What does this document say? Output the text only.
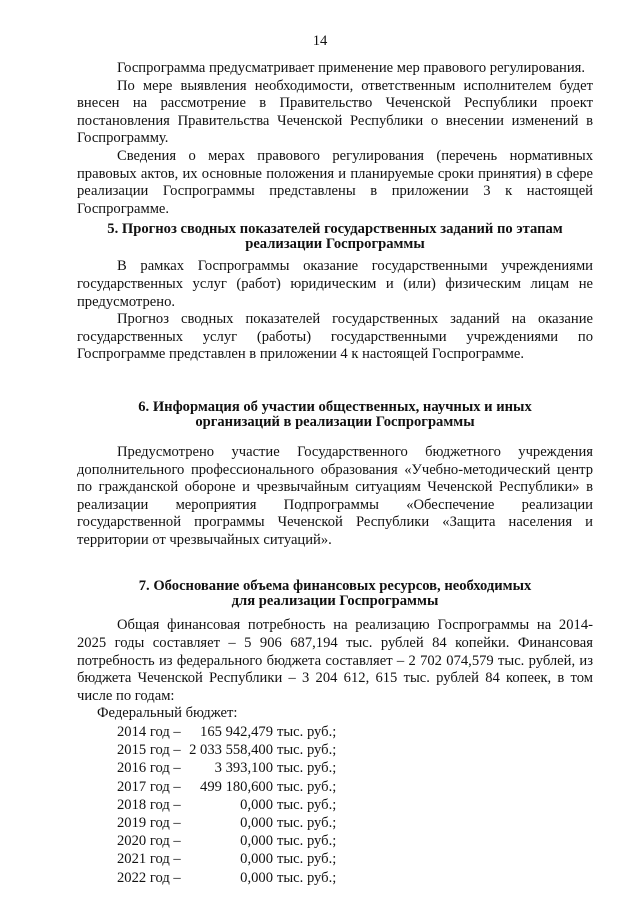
14

Госпрограмма предусматривает применение мер правового регулирования.

По мере выявления необходимости, ответственным исполнителем будет внесен на рассмотрение в Правительство Чеченской Республики проект постановления Правительства Чеченской Республики о внесении изменений в Госпрограмму.

Сведения о мерах правового регулирования (перечень нормативных правовых актов, их основные положения и планируемые сроки принятия) в сфере реализации Госпрограммы представлены в приложении 3 к настоящей Госпрограмме.

5. Прогноз сводных показателей государственных заданий по этапам

реализации Госпрограммы

В рамках Госпрограммы оказание государственными учреждениями государственных услуг (работ) юридическим и (или) физическим лицам не предусмотрено.

Прогноз сводных показателей государственных заданий на оказание государственных услуг (работы) государственными учреждениями по Госпрограмме представлен в приложении 4 к настоящей Госпрограмме.

6. Информация об участии общественных, научных и иных

организаций в реализации Госпрограммы

Предусмотрено участие Государственного бюджетного учреждения дополнительного профессионального образования «Учебно-методический центр по гражданской обороне и чрезвычайным ситуациям Чеченской Республики» в реализации мероприятия Подпрограммы «Обеспечение реализации государственной программы Чеченской Республики «Защита населения и территории от чрезвычайных ситуаций».

7. Обоснование объема финансовых ресурсов, необходимых

для реализации Госпрограммы

Общая финансовая потребность на реализацию Госпрограммы на 2014-2025 годы составляет – 5 906 687,194 тыс. рублей 84 копейки. Финансовая потребность из федерального бюджета составляет – 2 702 074,579 тыс. рублей, из бюджета Чеченской Республики – 3 204 612, 615 тыс. рублей 84 копеек, в том числе по годам:

Федеральный бюджет:

2014 год –	165 942,479 тыс. руб.;
2015 год – 2 033 558,400 тыс. руб.;
2016 год –	3 393,100 тыс. руб.;
2017 год –	499 180,600 тыс. руб.;
2018 год –	0,000 тыс. руб.;
2019 год –	0,000 тыс. руб.;
2020 год –	0,000 тыс. руб.;
2021 год –	0,000 тыс. руб.;
2022 год –	0,000 тыс. руб.;
